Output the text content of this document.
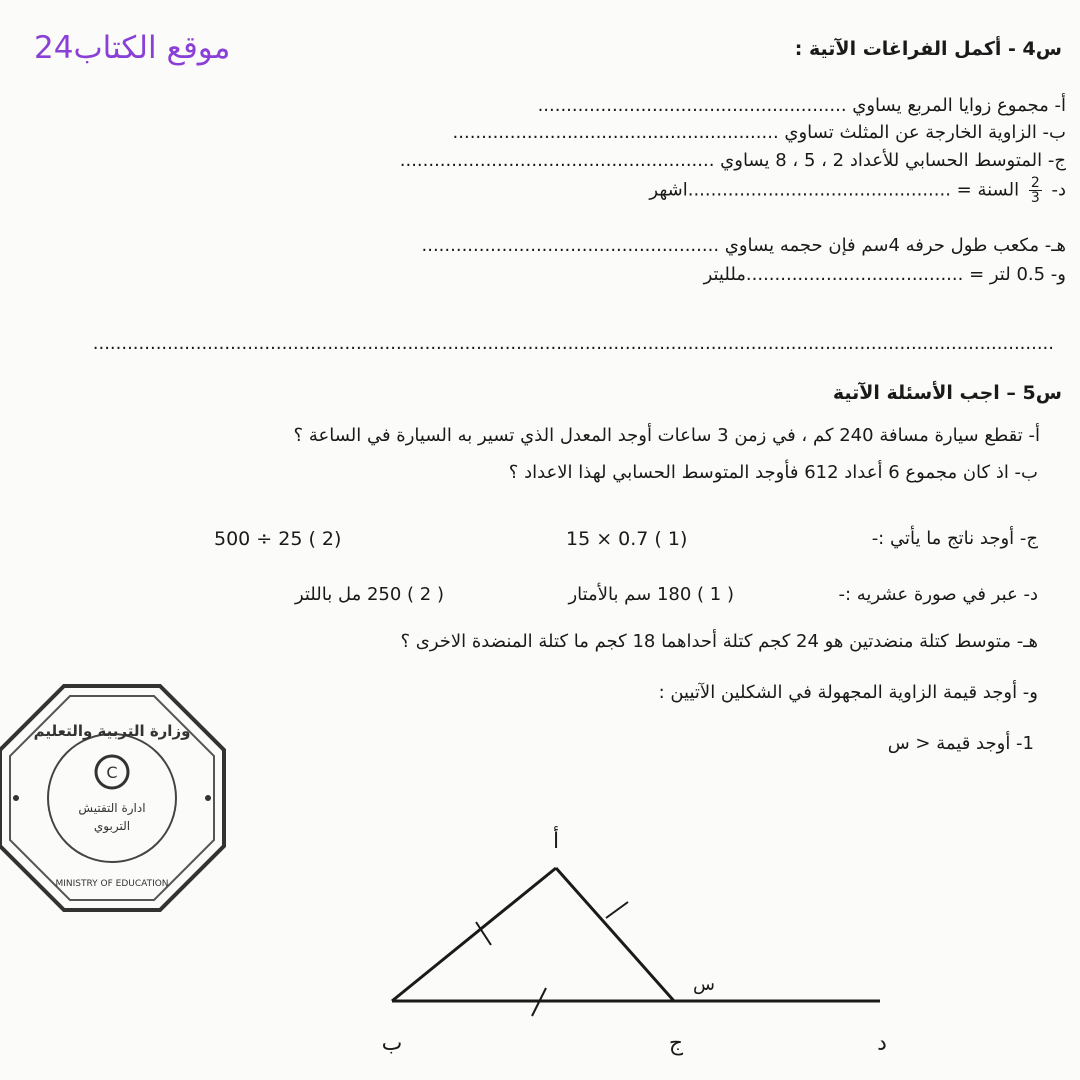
موقع الكتاب24	س4 - أكمل الفراغات الآتية :
أ- مجموع زوايا المربع يساوي ......................................................
ب- الزاوية الخارجة عن المثلث تساوي .........................................................
ج- المتوسط الحسابي للأعداد 2 ، 5 ، 8 يساوي .......................................................
د-
$\frac{2}{3}$
السنة = ..............................................اشهر
هـ- مكعب طول حرفه 4سم فإن حجمه يساوي ....................................................
و- 0.5 لتر = ......................................ملليتر
........................................................................................................................................................................
س5 – اجب الأسئلة الآتية
أ- تقطع سيارة مسافة 240 كم ، في زمن 3 ساعات أوجد المعدل الذي تسير به السيارة في الساعة ؟
ب- اذ كان مجموع 6 أعداد 612 فأوجد المتوسط الحسابي لهذا الاعداد ؟
ج- أوجد ناتج ما يأتي :-
15 × 0.7 ( 1)
500 ÷ 25 ( 2)
د- عبر في صورة عشريه :-
( 1 ) 180 سم بالأمتار
( 2 ) 250 مل باللتر
هـ- متوسط كتلة منضدتين هو 24 كجم كتلة أحداهما 18 كجم ما كتلة المنضدة الاخرى ؟
و- أوجد قيمة الزاوية المجهولة في الشكلين الآتيين :
1- أوجد قيمة < س
C
وزارة التربية والتعليم
ادارة التفتيش
التربوي
MINISTRY OF EDUCATION
أ
ب	ج	د
س
